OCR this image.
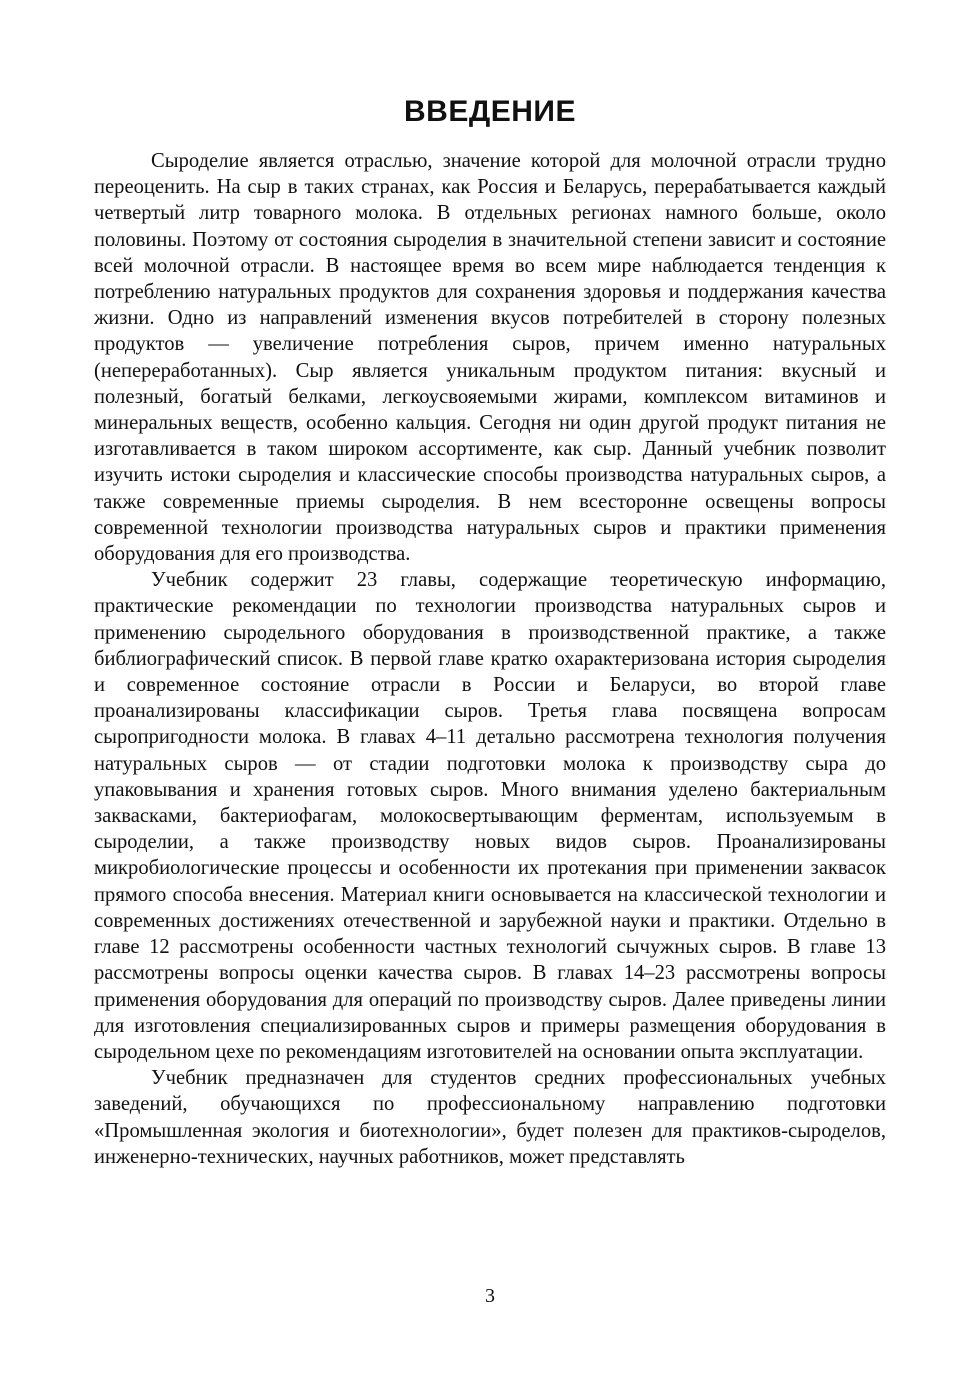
ВВЕДЕНИЕ

Сыроделие является отраслью, значение которой для молочной отрасли трудно переоценить. На сыр в таких странах, как Россия и Беларусь, перерабатывается каждый четвертый литр товарного молока. В отдельных регионах намного больше, около половины. Поэтому от состояния сыроделия в значительной степени зависит и состояние всей молочной отрасли. В настоящее время во всем мире наблюдается тенденция к потреблению натуральных продуктов для сохранения здоровья и поддержания качества жизни. Одно из направлений изменения вкусов потребителей в сторону полезных продуктов — увеличение потребления сыров, причем именно натуральных (непереработанных). Сыр является уникальным продуктом питания: вкусный и полезный, богатый белками, легкоусвояемыми жирами, комплексом витаминов и минеральных веществ, особенно кальция. Сегодня ни один другой продукт питания не изготавливается в таком широком ассортименте, как сыр. Данный учебник позволит изучить истоки сыроделия и классические способы производства натуральных сыров, а также современные приемы сыроделия. В нем всесторонне освещены вопросы современной технологии производства натуральных сыров и практики применения оборудования для его производства.

Учебник содержит 23 главы, содержащие теоретическую информацию, практические рекомендации по технологии производства натуральных сыров и применению сыродельного оборудования в производственной практике, а также библиографический список. В первой главе кратко охарактеризована история сыроделия и современное состояние отрасли в России и Беларуси, во второй главе проанализированы классификации сыров. Третья глава посвящена вопросам сыропригодности молока. В главах 4–11 детально рассмотрена технология получения натуральных сыров — от стадии подготовки молока к производству сыра до упаковывания и хранения готовых сыров. Много внимания уделено бактериальным заквасками, бактериофагам, молокосвертывающим ферментам, используемым в сыроделии, а также производству новых видов сыров. Проанализированы микробиологические процессы и особенности их протекания при применении заквасок прямого способа внесения. Материал книги основывается на классической технологии и современных достижениях отечественной и зарубежной науки и практики. Отдельно в главе 12 рассмотрены особенности частных технологий сычужных сыров. В главе 13 рассмотрены вопросы оценки качества сыров. В главах 14–23 рассмотрены вопросы применения оборудования для операций по производству сыров. Далее приведены линии для изготовления специализированных сыров и примеры размещения оборудования в сыродельном цехе по рекомендациям изготовителей на основании опыта эксплуатации.

Учебник предназначен для студентов средних профессиональных учебных заведений, обучающихся по профессиональному направлению подготовки «Промышленная экология и биотехнологии», будет полезен для практиков-сыроделов, инженерно-технических, научных работников, может представлять

3
